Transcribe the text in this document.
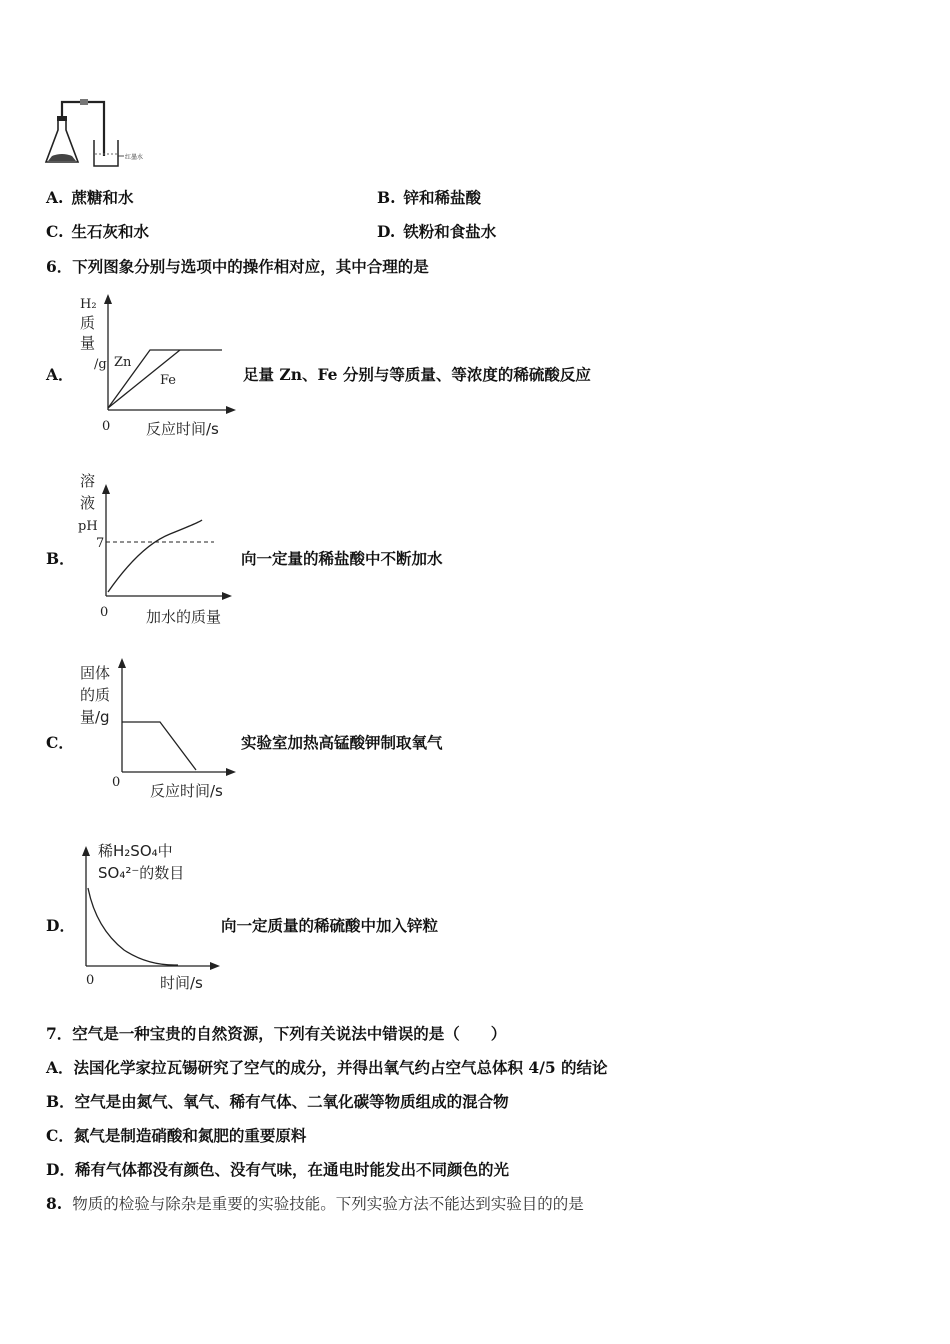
红墨水
A. 蔗糖和水	B. 锌和稀盐酸
C. 生石灰和水	D. 铁粉和食盐水
6．下列图象分别与选项中的操作相对应，其中合理的是
A．
H₂
质
量
/g Zn
Fe
0 反应时间/s
足量 Zn、Fe 分别与等质量、等浓度的稀硫酸反应
B．
溶
液
pH
7
0	加水的质量
向一定量的稀盐酸中不断加水
C．
固体
的质
量/g
0 反应时间/s
实验室加热高锰酸钾制取氧气
D．
稀H₂SO₄中
SO₄²⁻的数目
0	时间/s
向一定质量的稀硫酸中加入锌粒
7．空气是一种宝贵的自然资源，下列有关说法中错误的是（　　）
A．法国化学家拉瓦锡研究了空气的成分，并得出氧气约占空气总体积 4/5 的结论
B．空气是由氮气、氧气、稀有气体、二氧化碳等物质组成的混合物
C．氮气是制造硝酸和氮肥的重要原料
D．稀有气体都没有颜色、没有气味，在通电时能发出不同颜色的光
8. 物质的检验与除杂是重要的实验技能。下列实验方法不能达到实验目的的是
